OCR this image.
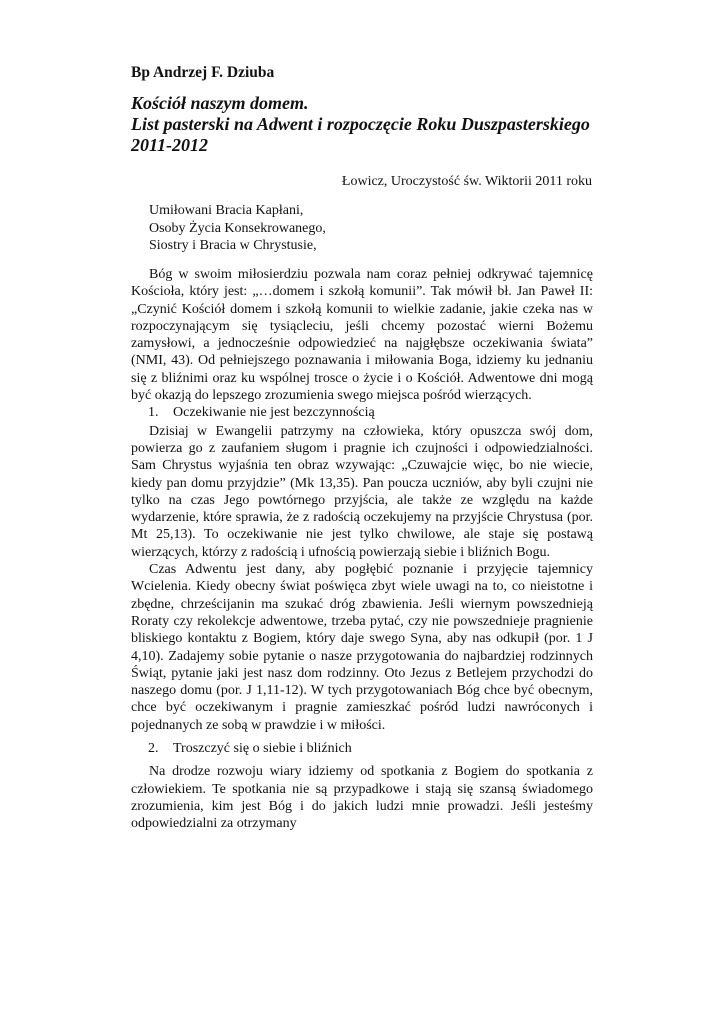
Bp Andrzej F. Dziuba
Kościół naszym domem.
List pasterski na Adwent i rozpoczęcie Roku Duszpasterskiego
2011-2012
Łowicz, Uroczystość św. Wiktorii 2011 roku
Umiłowani Bracia Kapłani,
Osoby Życia Konsekrowanego,
Siostry i Bracia w Chrystusie,

Bóg w swoim miłosierdziu pozwala nam coraz pełniej odkrywać tajemnicę Kościoła, który jest: „…domem i szkołą komunii”. Tak mówił bł. Jan Paweł II: „Czynić Kościół domem i szkołą komunii to wielkie zadanie, jakie czeka nas w rozpoczynającym się tysiącleciu, jeśli chcemy pozostać wierni Bożemu zamysłowi, a jednocześnie odpowiedzieć na najgłębsze oczekiwania świata” (NMI, 43). Od pełniejszego poznawania i miłowania Boga, idziemy ku jednaniu się z bliźnimi oraz ku wspólnej trosce o życie i o Kościół. Adwentowe dni mogą być okazją do lepszego zrozumienia swego miejsca pośród wierzących.

1.	Oczekiwanie nie jest bezczynnością

Dzisiaj w Ewangelii patrzymy na człowieka, który opuszcza swój dom, powierza go z zaufaniem sługom i pragnie ich czujności i odpowiedzialności. Sam Chrystus wyjaśnia ten obraz wzywając: „Czuwajcie więc, bo nie wiecie, kiedy pan domu przyjdzie” (Mk 13,35). Pan poucza uczniów, aby byli czujni nie tylko na czas Jego powtórnego przyjścia, ale także ze względu na każde wydarzenie, które sprawia, że z radością oczekujemy na przyjście Chrystusa (por. Mt 25,13). To oczekiwanie nie jest tylko chwilowe, ale staje się postawą wierzących, którzy z radością i ufnością powierzają siebie i bliźnich Bogu.

Czas Adwentu jest dany, aby pogłębić poznanie i przyjęcie tajemnicy Wcielenia. Kiedy obecny świat poświęca zbyt wiele uwagi na to, co nieistotne i zbędne, chrześcijanin ma szukać dróg zbawienia. Jeśli wiernym powszednieją Roraty czy rekolekcje adwentowe, trzeba pytać, czy nie powszednieje pragnienie bliskiego kontaktu z Bogiem, który daje swego Syna, aby nas odkupił (por. 1 J 4,10). Zadajemy sobie pytanie o nasze przygotowania do najbardziej rodzinnych Świąt, pytanie jaki jest nasz dom rodzinny. Oto Jezus z Betlejem przychodzi do naszego domu (por. J 1,11-12). W tych przygotowaniach Bóg chce być obecnym, chce być oczekiwanym i pragnie zamieszkać pośród ludzi nawróconych i pojednanych ze sobą w prawdzie i w miłości.

2.	Troszczyć się o siebie i bliźnich

Na drodze rozwoju wiary idziemy od spotkania z Bogiem do spotkania z człowiekiem. Te spotkania nie są przypadkowe i stają się szansą świadomego zrozumienia, kim jest Bóg i do jakich ludzi mnie prowadzi. Jeśli jesteśmy odpowiedzialni za otrzymany
